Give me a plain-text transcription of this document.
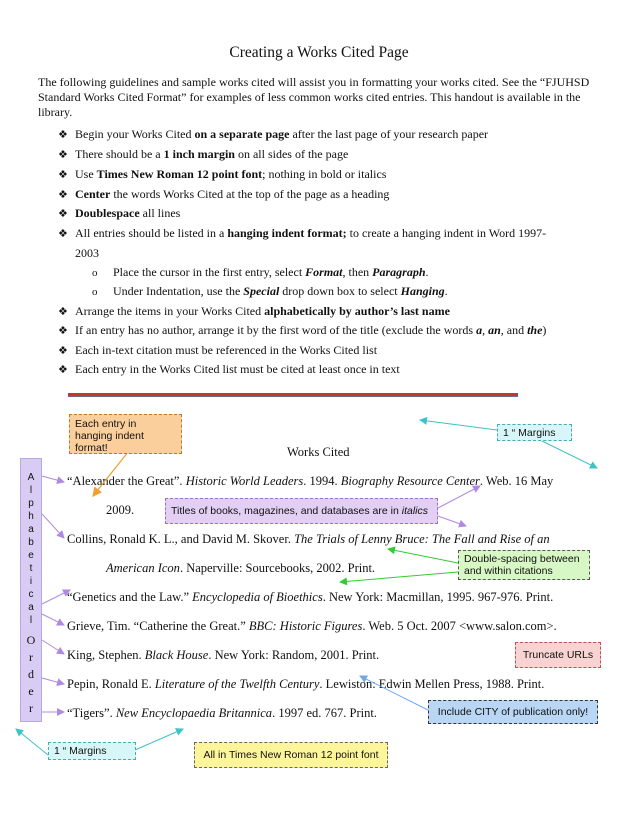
Creating a Works Cited Page
The following guidelines and sample works cited will assist you in formatting your works cited. See the “FJUHSD Standard Works Cited Format” for examples of less common works cited entries. This handout is available in the library.
❖ Begin your Works Cited on a separate page after the last page of your research paper
❖ There should be a 1 inch margin on all sides of the page
❖ Use Times New Roman 12 point font; nothing in bold or italics
❖ Center the words Works Cited at the top of the page as a heading
❖ Doublespace all lines
❖ All entries should be listed in a hanging indent format; to create a hanging indent in Word 1997-
2003
o Place the cursor in the first entry, select Format, then Paragraph.
o Under Indentation, use the Special drop down box to select Hanging.
❖ Arrange the items in your Works Cited alphabetically by author’s last name
❖ If an entry has no author, arrange it by the first word of the title (exclude the words a, an, and the)
❖ Each in-text citation must be referenced in the Works Cited list
❖ Each entry in the Works Cited list must be cited at least once in text
Works Cited
“Alexander the Great”. Historic World Leaders. 1994. Biography Resource Center. Web. 16 May
2009.
Collins, Ronald K. L., and David M. Skover. The Trials of Lenny Bruce: The Fall and Rise of an
American Icon. Naperville: Sourcebooks, 2002. Print.
“Genetics and the Law.” Encyclopedia of Bioethics. New York: Macmillan, 1995. 967-976. Print.
Grieve, Tim. “Catherine the Great.” BBC: Historic Figures. Web. 5 Oct. 2007 <www.salon.com>.
King, Stephen. Black House. New York: Random, 2001. Print.
Pepin, Ronald E. Literature of the Twelfth Century. Lewiston: Edwin Mellen Press, 1988. Print.
“Tigers”. New Encyclopaedia Britannica. 1997 ed. 767. Print.
A
l
p
h
a
b
e
t
i
c
a
l
O
r
d
e
r
Each entry in hanging indent format!
1 “ Margins
Titles of books, magazines, and databases are in italics
Double-spacing between and within citations
Truncate URLs
Include CITY of publication only!
1 “ Margins	All in Times New Roman 12 point font
